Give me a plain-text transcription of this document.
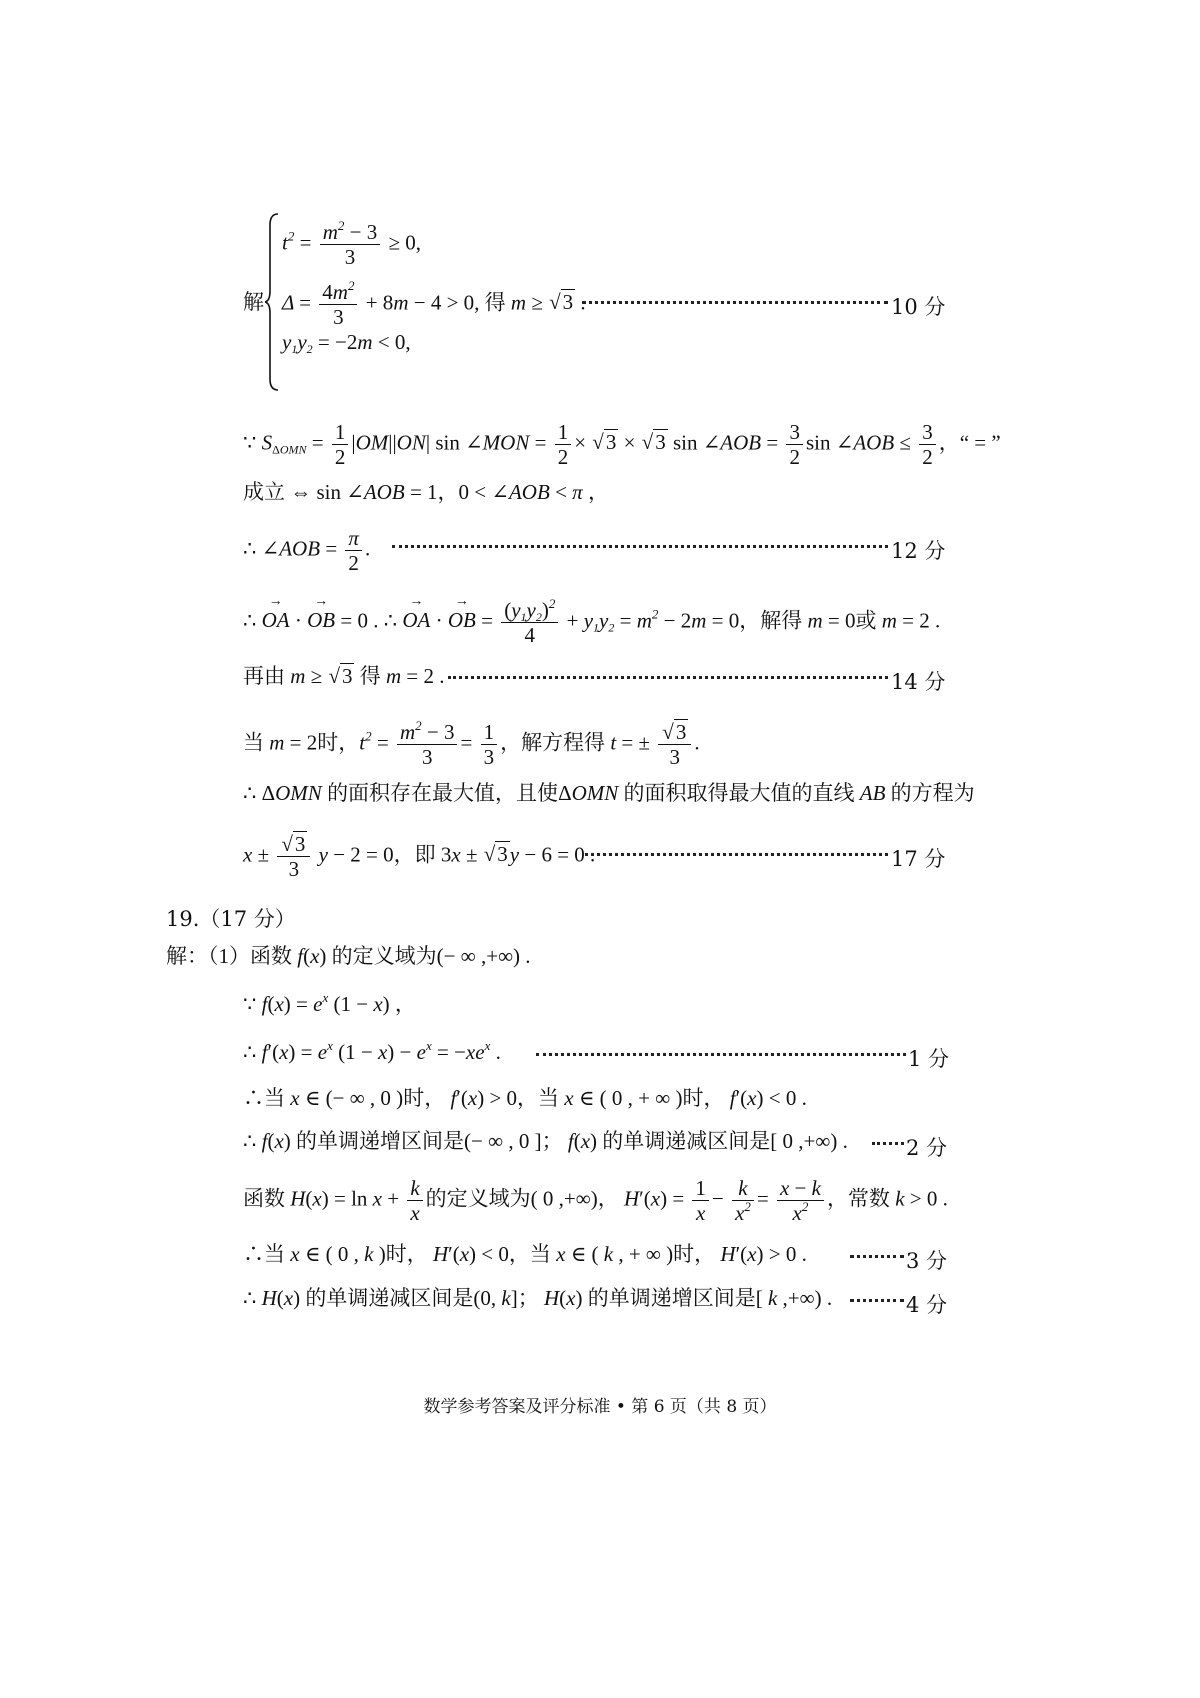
解
$t^2 = \frac{m^2 - 3}{3} \ge 0$,
$\Delta = \frac{4m^2}{3} + 8m - 4 > 0$, 得 m ≥ √3 .
$y_1y_2 = -2m < 0$,
10 分
∵ $S_{\Delta OMN} = \frac{1}{2} |OM||ON|$ sin ∠MON = $\frac{1}{2} \times √3 \times √3$ sin ∠AOB = $\frac{3}{2}$ sin ∠AOB ≤ $\frac{3}{2}$ ，“ = ”
成立 ⇔ sin ∠AOB = 1，0 < ∠AOB < π ，
∴ ∠AOB = $\frac{\pi}{2}$ .	12 分
∴ → OA · → OB = 0 . ∴ → OA · → OB = $\frac{(y_1y_2)^2}{4} + y_1y_2 = m^2 - 2m = 0$，解得 m = 0或 m = 2 .
再由 m ≥ √3 得 m = 2 .	14 分
当 m = 2时，$t^2 = \frac{m^2 - 3}{3} = \frac{1}{3}$ ，解方程得 t = ± $\frac{√3}{3}$ .
∴ ΔOMN 的面积存在最大值，且使ΔOMN 的面积取得最大值的直线 AB 的方程为
$x \pm \frac{√3}{3}$ y − 2 = 0，即 3x ± √3y − 6 = 0 .	17 分
19.（17 分）
解：（1）函数 f(x) 的定义域为(− ∞ ,+∞) .
∵ $f(x) = e^x$ (1 − x) ，
∴ $f'(x) = e^x$ $(1 - x) - e^x = -xe^x$ .	1 分
∴当 x ∈ (− ∞ , 0 )时， f′(x) > 0，当 x ∈ ( 0 , + ∞ )时， f′(x) < 0 .
∴ f(x) 的单调递增区间是(− ∞ , 0 ]； f(x) 的单调递减区间是[ 0 ,+∞) .	2 分
函数 $H(x) = \ln x + \frac{k}{x}$ 的定义域为( 0 ,+∞)， $H'(x) = \frac{1}{x} - \frac{k}{x^2} = \frac{x - k}{x^2}$ ，常数 k > 0 .
∴当 x ∈ ( 0 , k )时， H′(x) < 0，当 x ∈ ( k , + ∞ )时， H′(x) > 0 .	3 分
∴ H(x) 的单调递减区间是(0, k]； H(x) 的单调递增区间是[ k ,+∞) .	4 分
数学参考答案及评分标准 • 第 6 页（共 8 页）
